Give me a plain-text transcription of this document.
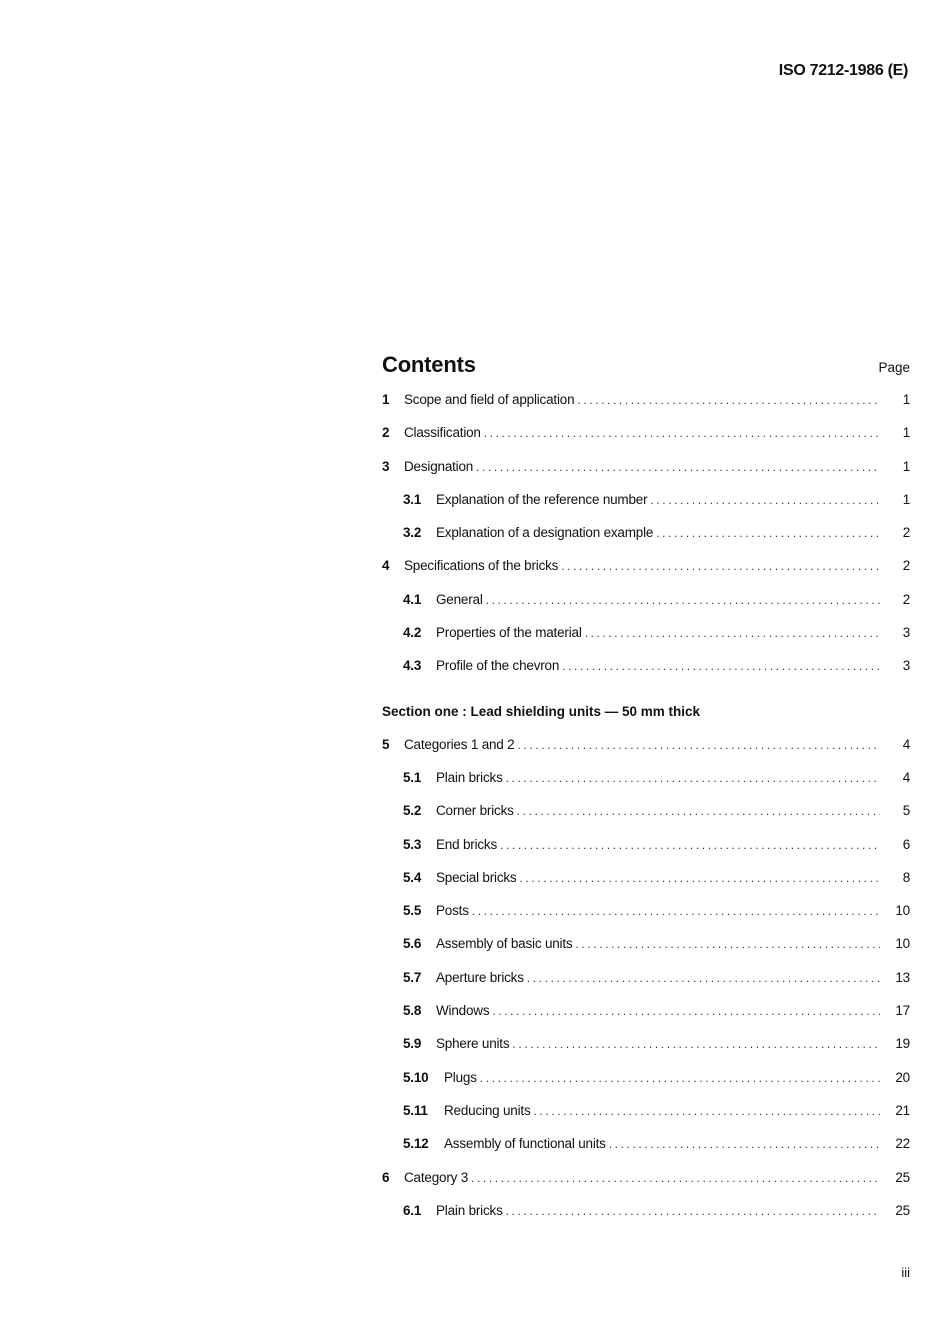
ISO 7212-1986 (E)
Contents	Page
1	Scope and field of application .....	1
2	Classification .....	1
3	Designation .....	1
3.1	Explanation of the reference number .....	1
3.2	Explanation of a designation example .....	2
4	Specifications of the bricks .....	2
4.1	General .....	2
4.2	Properties of the material .....	3
4.3	Profile of the chevron .....	3
Section one : Lead shielding units — 50 mm thick
5	Categories 1 and 2 .....	4
5.1	Plain bricks .....	4
5.2	Corner bricks .....	5
5.3	End bricks .....	6
5.4	Special bricks .....	8
5.5	Posts .....	10
5.6	Assembly of basic units .....	10
5.7	Aperture bricks .....	13
5.8	Windows .....	17
5.9	Sphere units .....	19
5.10	Plugs .....	20
5.11	Reducing units .....	21
5.12	Assembly of functional units .....	22
6	Category 3 .....	25
6.1	Plain bricks .....	25
iii
